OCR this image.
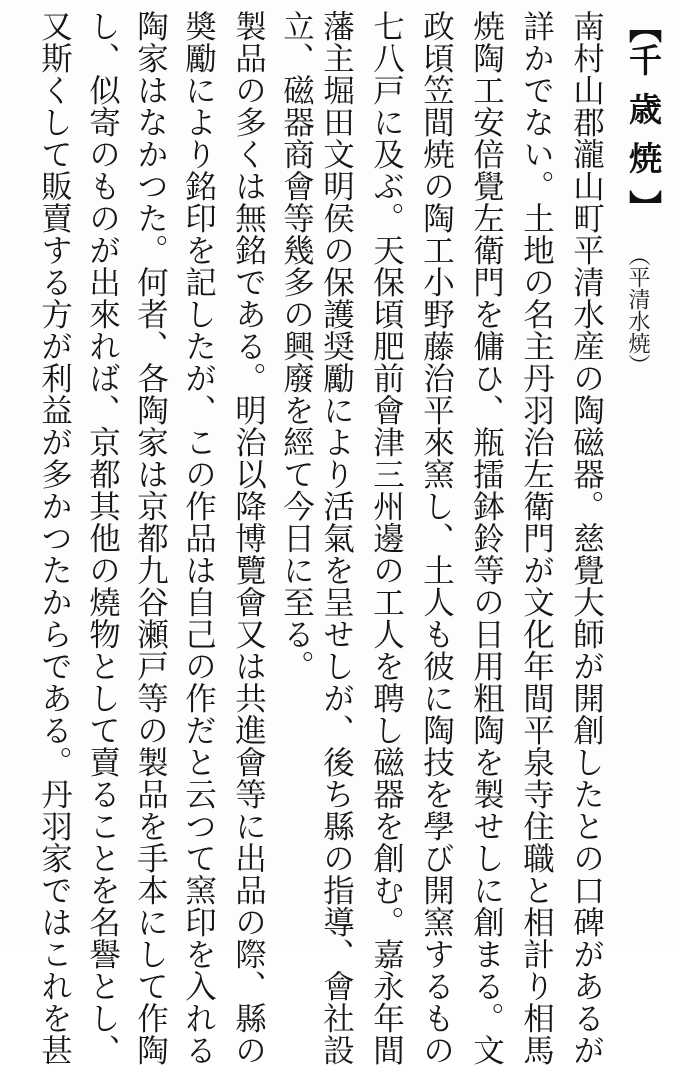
【千歳焼】
（平清水焼）
南村山郡瀧山町平清水産の陶磁器。慈覺大師が開創したとの口碑があるが
詳かでない。土地の名主丹羽治左衛門が文化年間平泉寺住職と相計り相馬
焼陶工安倍覺左衛門を傭ひ、瓶擂鉢鈴等の日用粗陶を製せしに創まる。文
政頃笠間焼の陶工小野藤治平來窯し、土人も彼に陶技を學び開窯するもの
七八戸に及ぶ。天保頃肥前會津三州邊の工人を聘し磁器を創む。嘉永年間
藩主堀田文明侯の保護奨勵により活氣を呈せしが、後ち縣の指導、會社設
立、磁器商會等幾多の興廢を經て今日に至る。
製品の多くは無銘である。明治以降博覽會又は共進會等に出品の際、縣の
奬勵により銘印を記したが、この作品は自己の作だと云つて窯印を入れる
陶家はなかつた。何者、各陶家は京都九谷瀬戸等の製品を手本にして作陶
し、似寄のものが出來れば、京都其他の燒物として賣ることを名譽とし、
又斯くして販賣する方が利益が多かつたからである。丹羽家ではこれを甚
